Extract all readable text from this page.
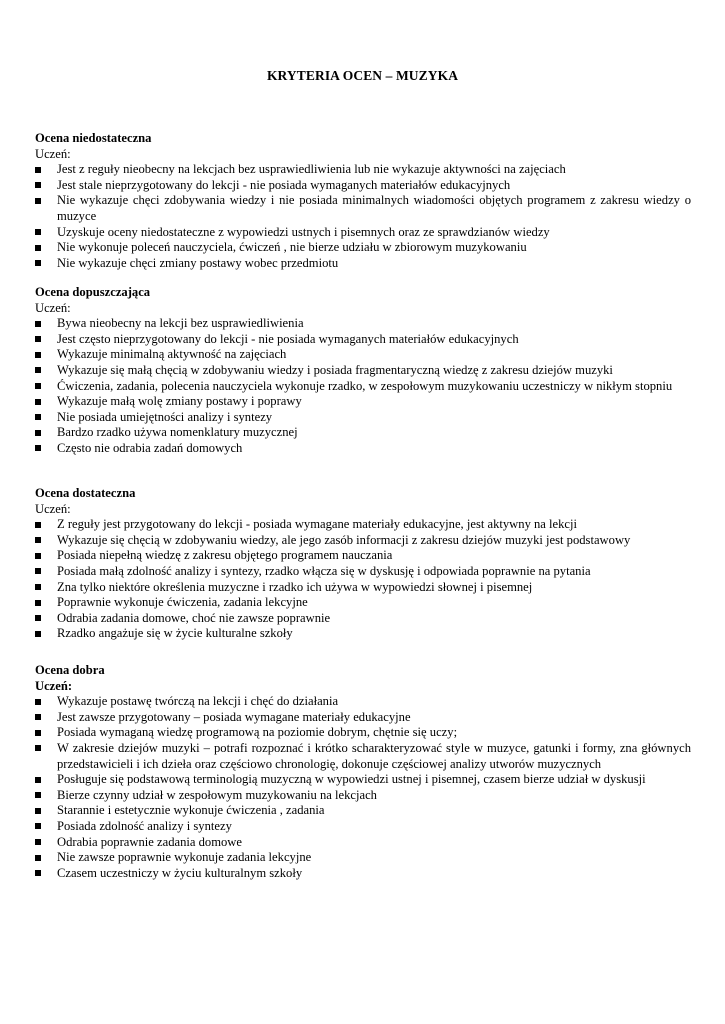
KRYTERIA OCEN – MUZYKA
Ocena niedostateczna
Uczeń:
Jest z reguły nieobecny na lekcjach bez usprawiedliwienia lub nie wykazuje aktywności na zajęciach
Jest stale nieprzygotowany do lekcji - nie posiada wymaganych materiałów edukacyjnych
Nie wykazuje chęci zdobywania wiedzy i nie posiada minimalnych wiadomości objętych programem z zakresu wiedzy o muzyce
Uzyskuje oceny niedostateczne z wypowiedzi ustnych i pisemnych oraz ze sprawdzianów wiedzy
Nie wykonuje poleceń nauczyciela, ćwiczeń , nie bierze udziału w zbiorowym muzykowaniu
Nie wykazuje chęci zmiany postawy wobec przedmiotu
Ocena dopuszczająca
Uczeń:
Bywa nieobecny na lekcji bez usprawiedliwienia
Jest często nieprzygotowany do lekcji - nie posiada wymaganych materiałów edukacyjnych
Wykazuje minimalną aktywność na zajęciach
Wykazuje się małą chęcią w zdobywaniu wiedzy i posiada fragmentaryczną wiedzę z zakresu dziejów muzyki
Ćwiczenia, zadania, polecenia nauczyciela wykonuje rzadko, w zespołowym muzykowaniu uczestniczy w nikłym stopniu
Wykazuje małą wolę zmiany postawy i poprawy
Nie posiada umiejętności analizy i syntezy
Bardzo rzadko używa nomenklatury muzycznej
Często nie odrabia zadań domowych
Ocena dostateczna
Uczeń:
Z reguły jest przygotowany do lekcji - posiada wymagane materiały edukacyjne, jest aktywny na lekcji
Wykazuje się chęcią w zdobywaniu wiedzy, ale jego zasób informacji z zakresu dziejów muzyki jest podstawowy
Posiada niepełną wiedzę z zakresu objętego programem nauczania
Posiada małą zdolność analizy i syntezy, rzadko włącza się w dyskusję i odpowiada poprawnie na pytania
Zna tylko niektóre określenia muzyczne i rzadko ich używa w wypowiedzi słownej i pisemnej
Poprawnie wykonuje ćwiczenia, zadania lekcyjne
Odrabia zadania domowe, choć nie zawsze poprawnie
Rzadko angażuje się w życie kulturalne szkoły
Ocena dobra
Uczeń:
Wykazuje postawę twórczą na lekcji i chęć do działania
Jest zawsze przygotowany – posiada wymagane materiały edukacyjne
Posiada wymaganą wiedzę programową na poziomie dobrym, chętnie się uczy;
W zakresie dziejów muzyki – potrafi rozpoznać i krótko scharakteryzować style w muzyce, gatunki i formy, zna głównych przedstawicieli i ich dzieła oraz częściowo chronologię, dokonuje częściowej analizy utworów muzycznych
Posługuje się podstawową terminologią muzyczną w wypowiedzi ustnej i pisemnej, czasem bierze udział w dyskusji
Bierze czynny udział w zespołowym muzykowaniu na lekcjach
Starannie i estetycznie wykonuje ćwiczenia , zadania
Posiada zdolność analizy i syntezy
Odrabia poprawnie zadania domowe
Nie zawsze poprawnie wykonuje zadania lekcyjne
Czasem uczestniczy w życiu kulturalnym szkoły
